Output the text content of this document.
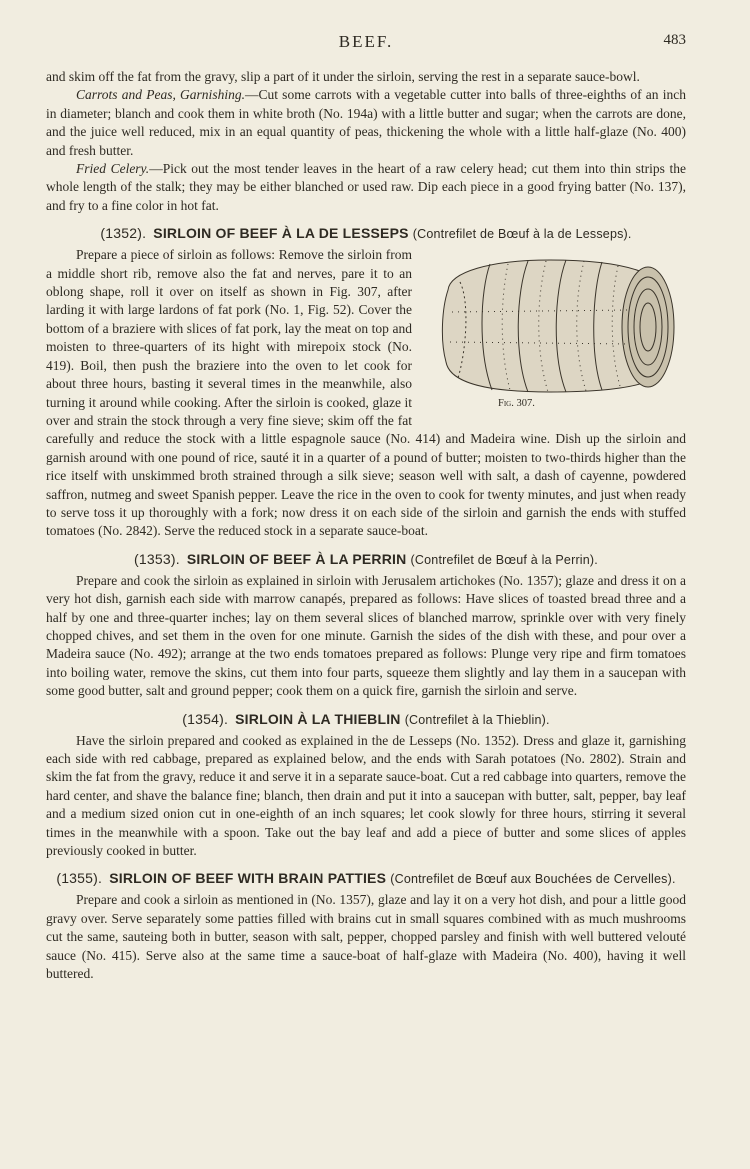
BEEF.	483

and skim off the fat from the gravy, slip a part of it under the sirloin, serving the rest in a separate sauce-bowl.

Carrots and Peas, Garnishing.—Cut some carrots with a vegetable cutter into balls of three-eighths of an inch in diameter; blanch and cook them in white broth (No. 194a) with a little butter and sugar; when the carrots are done, and the juice well reduced, mix in an equal quantity of peas, thickening the whole with a little half-glaze (No. 400) and fresh butter.

Fried Celery.—Pick out the most tender leaves in the heart of a raw celery head; cut them into thin strips the whole length of the stalk; they may be either blanched or used raw. Dip each piece in a good frying batter (No. 137), and fry to a fine color in hot fat.

(1352). SIRLOIN OF BEEF À LA DE LESSEPS (Contrefilet de Bœuf à la de Lesseps).
Fig. 307.

Prepare a piece of sirloin as follows: Remove the sirloin from a middle short rib, remove also the fat and nerves, pare it to an oblong shape, roll it over on itself as shown in Fig. 307, after larding it with large lardons of fat pork (No. 1, Fig. 52). Cover the bottom of a braziere with slices of fat pork, lay the meat on top and moisten to three-quarters of its hight with mirepoix stock (No. 419). Boil, then push the braziere into the oven to let cook for about three hours, basting it several times in the meanwhile, also turning it around while cooking. After the sirloin is cooked, glaze it over and strain the stock through a very fine sieve; skim off the fat carefully and reduce the stock with a little espagnole sauce (No. 414) and Madeira wine. Dish up the sirloin and garnish around with one pound of rice, sauté it in a quarter of a pound of butter; moisten to two-thirds higher than the rice itself with unskimmed broth strained through a silk sieve; season well with salt, a dash of cayenne, powdered saffron, nutmeg and sweet Spanish pepper. Leave the rice in the oven to cook for twenty minutes, and just when ready to serve toss it up thoroughly with a fork; now dress it on each side of the sirloin and garnish the ends with stuffed tomatoes (No. 2842). Serve the reduced stock in a separate sauce-boat.

(1353). SIRLOIN OF BEEF À LA PERRIN (Contrefilet de Bœuf à la Perrin).

Prepare and cook the sirloin as explained in sirloin with Jerusalem artichokes (No. 1357); glaze and dress it on a very hot dish, garnish each side with marrow canapés, prepared as follows: Have slices of toasted bread three and a half by one and three-quarter inches; lay on them several slices of blanched marrow, sprinkle over with very finely chopped chives, and set them in the oven for one minute. Garnish the sides of the dish with these, and pour over a Madeira sauce (No. 492); arrange at the two ends tomatoes prepared as follows: Plunge very ripe and firm tomatoes into boiling water, remove the skins, cut them into four parts, squeeze them slightly and lay them in a saucepan with some good butter, salt and ground pepper; cook them on a quick fire, garnish the sirloin and serve.

(1354). SIRLOIN À LA THIEBLIN (Contrefilet à la Thieblin).

Have the sirloin prepared and cooked as explained in the de Lesseps (No. 1352). Dress and glaze it, garnishing each side with red cabbage, prepared as explained below, and the ends with Sarah potatoes (No. 2802). Strain and skim the fat from the gravy, reduce it and serve it in a separate sauce-boat. Cut a red cabbage into quarters, remove the hard center, and shave the balance fine; blanch, then drain and put it into a saucepan with butter, salt, pepper, bay leaf and a medium sized onion cut in one-eighth of an inch squares; let cook slowly for three hours, stirring it several times in the meanwhile with a spoon. Take out the bay leaf and add a piece of butter and some slices of apples previously cooked in butter.

(1355). SIRLOIN OF BEEF WITH BRAIN PATTIES (Contrefilet de Bœuf aux Bouchées de Cervelles).

Prepare and cook a sirloin as mentioned in (No. 1357), glaze and lay it on a very hot dish, and pour a little good gravy over. Serve separately some patties filled with brains cut in small squares combined with as much mushrooms cut the same, sauteing both in butter, season with salt, pepper, chopped parsley and finish with well buttered velouté sauce (No. 415). Serve also at the same time a sauce-boat of half-glaze with Madeira (No. 400), having it well buttered.
